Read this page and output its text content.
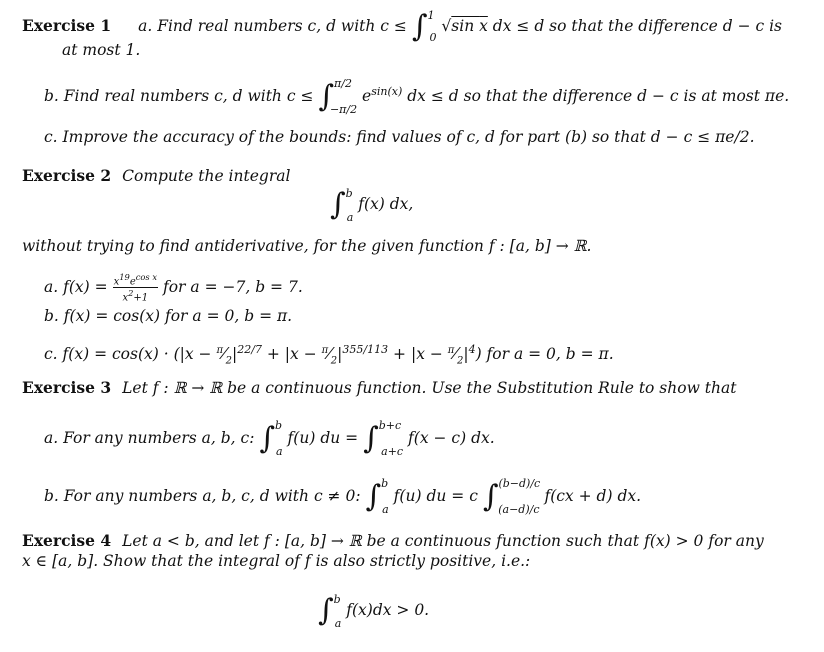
Exercise 1 a. Find real numbers c, d with c ≤ ∫$^1_0$ √sin x dx ≤ d so that the difference d − c is
at most 1.
b. Find real numbers c, d with c ≤ ∫$^{\pi/2}_{-\pi/2}$ $e^{sin(x)}$ dx ≤ d so that the difference d − c is at most πe.
c. Improve the accuracy of the bounds: find values of c, d for part (b) so that d − c ≤ πe/2.
Exercise 2 Compute the integral
∫$^b_a$ f(x) dx,
without trying to find antiderivative, for the given function f : [a, b] → ℝ.
a. $f(x) = \frac{x^{19}e^{cos x}}{x^2+1}$ for a = −7, b = 7.
b. f(x) = cos(x) for a = 0, b = π.
c. $f(x) = \cos(x) \cdot (|x - ^\pi⁄_2|^{22/7} + |x$ − $^\pi⁄_2|^{355/113} + |x$ − $^\pi⁄_2|^4$) for a = 0, b = π.
Exercise 3 Let f : ℝ → ℝ be a continuous function. Use the Substitution Rule to show that
a. For any numbers a, b, c: ∫$^b_a$ f(u) du = ∫$^{b+c}_{a+c}$ f(x − c) dx.
b. For any numbers a, b, c, d with c ≠ 0: ∫$^b_a$ f(u) du = c ∫$^{(b-d)/c}_{(a-d)/c}$ f(cx + d) dx.
Exercise 4 Let a < b, and let f : [a, b] → ℝ be a continuous function such that f(x) > 0 for any
x ∈ [a, b]. Show that the integral of f is also strictly positive, i.e.:
∫$^b_a$ f(x)dx > 0.
